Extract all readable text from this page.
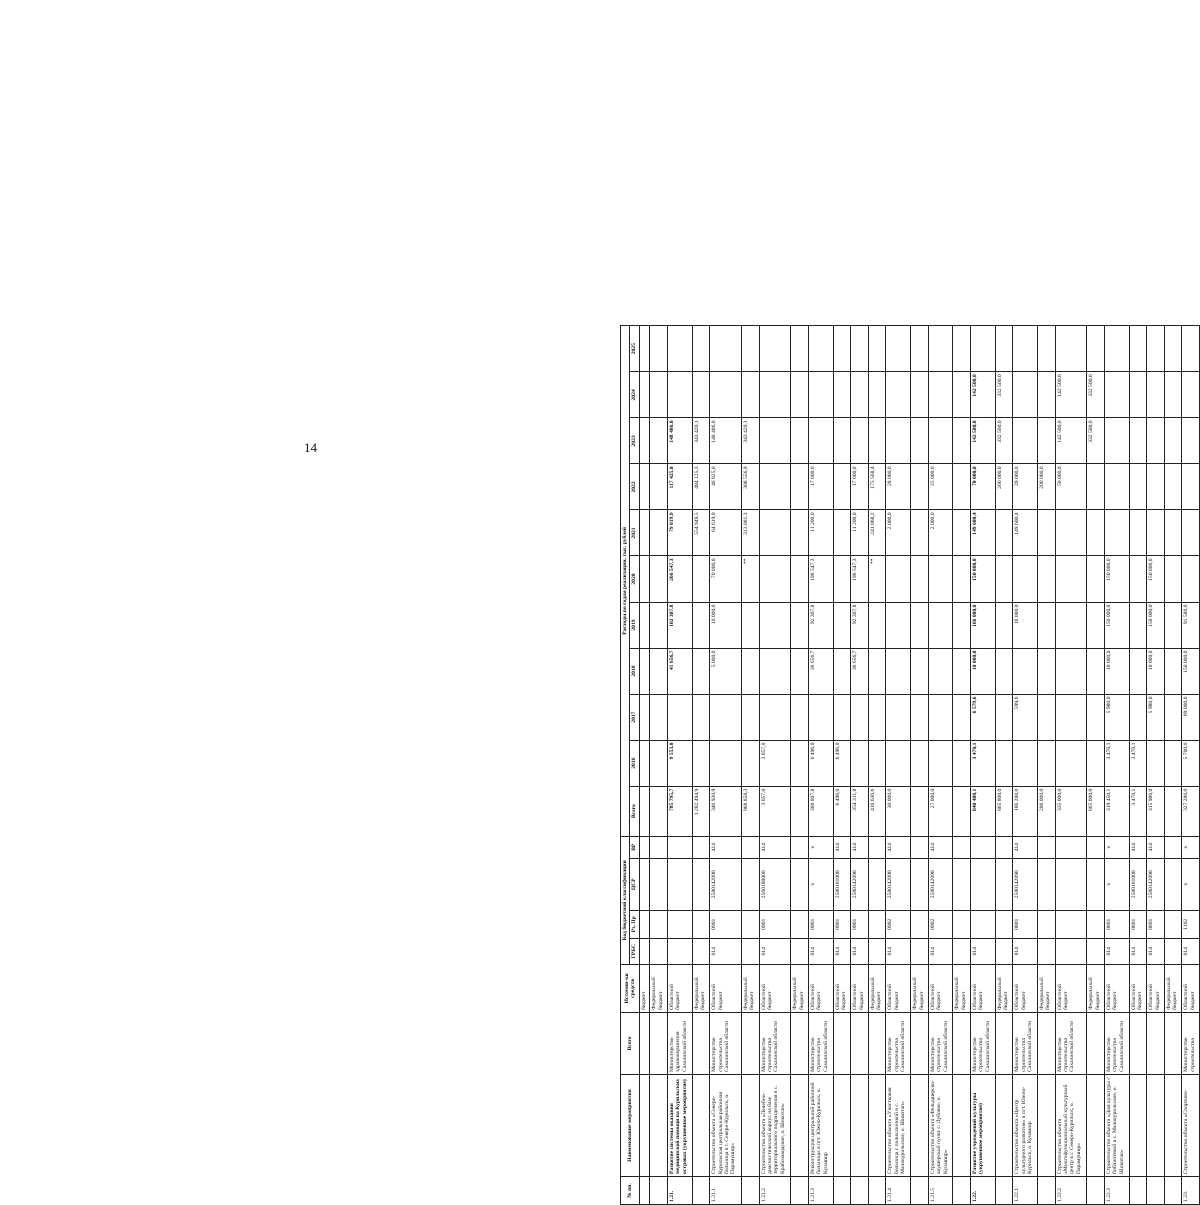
14
№ пп.	Наименование мероприятия	Всего	Источни-ки средств	Код бюджетной классификации				Расходы по годам реализации, тыс. рублей										
				ГРБС	Рз, Пр	ЦСР	ВР	Всего	2016	2017	2018	2019	2020	2021	2022	2023	2024	2025
			бюджет															
			Федеральный бюджет															
1.21.	Развитие системы оказания медицинской помощи на Курильских островах (укрупненное мероприятие)	Министерство здравоохранения Сахалинской области	Областной бюджет					785 795,7	9 553,0		41 656,7	102 307,8	266 547,3	79 819,9	117 425,0	148 486,0		
			Федеральный бюджет					1 282 494,9						554 949,5	484 125,3	343 420,1		
1.21.1	Строительство объекта «Северо-Курильская центральная районная больница в г. Северо-Курильск, о. Парамушир»	Министерство строительства Сахалинской области	Областной бюджет	014	0901	2580142090	414	346 930,9			5 000,0	10 000,0	70 000,0	64 619,9	46 825,0	148 486,0		
			Федеральный бюджет					968 858,3					**	313 881,3	308 556,9	343 420,1		
1.21.2	Строительство объекта «Лечебно-диагностический корпус на базе территориального подразделения в с. Крабозаводское, о. Шикотан»	Министерство строительства Сахалинской области	Областной бюджет	014	0901	2560180000	414	3 057,0	3 057,0									
			Федеральный бюджет															
1.21.3	Реконструкция центральной районной больницы в пгт. Южно-Курильск, о. Кунашир	Министерство строительства Сахалинской области	Областной бюджет	014	0901	х	х	360 807,8	6 496,0		36 656,7	92 307,8	196 547,3	11 200,0	17 600,0			
			Областной бюджет	014	0901	2580181000	414	6 496,0	6 496,0									
			Областной бюджет	014	0901	2580142090	414	354 311,8			36 656,7	92 307,8	196 547,3	11 200,0	17 600,0			
			Федеральный бюджет					416 636,6					**	241 068,2	175 568,4			
1.21.4	Строительство объекта «Участковая больница с поликлиникой в с. Малокурильское, о. Шикотан»	Министерство строительства Сахалинской области	Областной бюджет	014	0902	2580142090	414	30 000,0						2 000,0	28 000,0			
			Федеральный бюджет															
1.21.5	Строительство объекта «Фельдшерско-акушерский пункт с. Дубовое, о. Кунашир»	Министерство строительства Сахалинской области	Областной бюджет	014	0902	2580142090	414	27 000,0						2 000,0	25 000,0			
			Федеральный бюджет															
1.22.	Развитие учреждений культуры (укрупненное мероприятие)	Министерство строительства Сахалинской области	Областной бюджет	014				840 408,1	3 470,1	6 579,6	10 000,0	166 000,0	150 000,0	149 600,4	70 000,0	142 500,0	142 500,0	
			Федеральный бюджет					865 800,0							200 000,0	332 500,0	332 500,0	
1.22.1	Строительство объекта «Центр культурного развития» в пгт. Южно-Курильск, о. Кунашир	Министерство строительства Сахалинской области	Областной бюджет	014	0801	2580142090	414	186 200,0		599,6		16 000,0		149 600,4	20 000,0			
			Федеральный бюджет					200 000,0							200 000,0			
1.22.2	Строительство объекта «Многофункциональный культурный центр в г. Северо-Курильск, о. Парамушир»	Министерство строительства Сахалинской области	Областной бюджет					335 000,0							50 000,0	142 500,0	142 500,0	
			Федеральный бюджет					665 000,0								332 500,0	332 500,0	
1.22.3	Строительство объекта «Дом культуры с библиотекой в с. Малокурильское, о. Шикотан»	Министерство строительства Сахалинской области	Областной бюджет	014	0801	х	х	319 450,1	3 470,1	5 980,0	10 000,0	150 000,0	150 000,0					
			Областной бюджет	014	0801	2580181000	414	3 470,1	3 470,1									
			Областной бюджет	014	0801	2580142090	414	315 980,0		5 980,0	10 000,0	150 000,0	150 000,0					
			Федеральный бюджет															
1.23.	Строительство объекта «Спортивн-	Министерство строительства	Областной бюджет	014	1102	х	х	327 280,0	5 700,0	89 000,0	150 000,0	91 580,0						
